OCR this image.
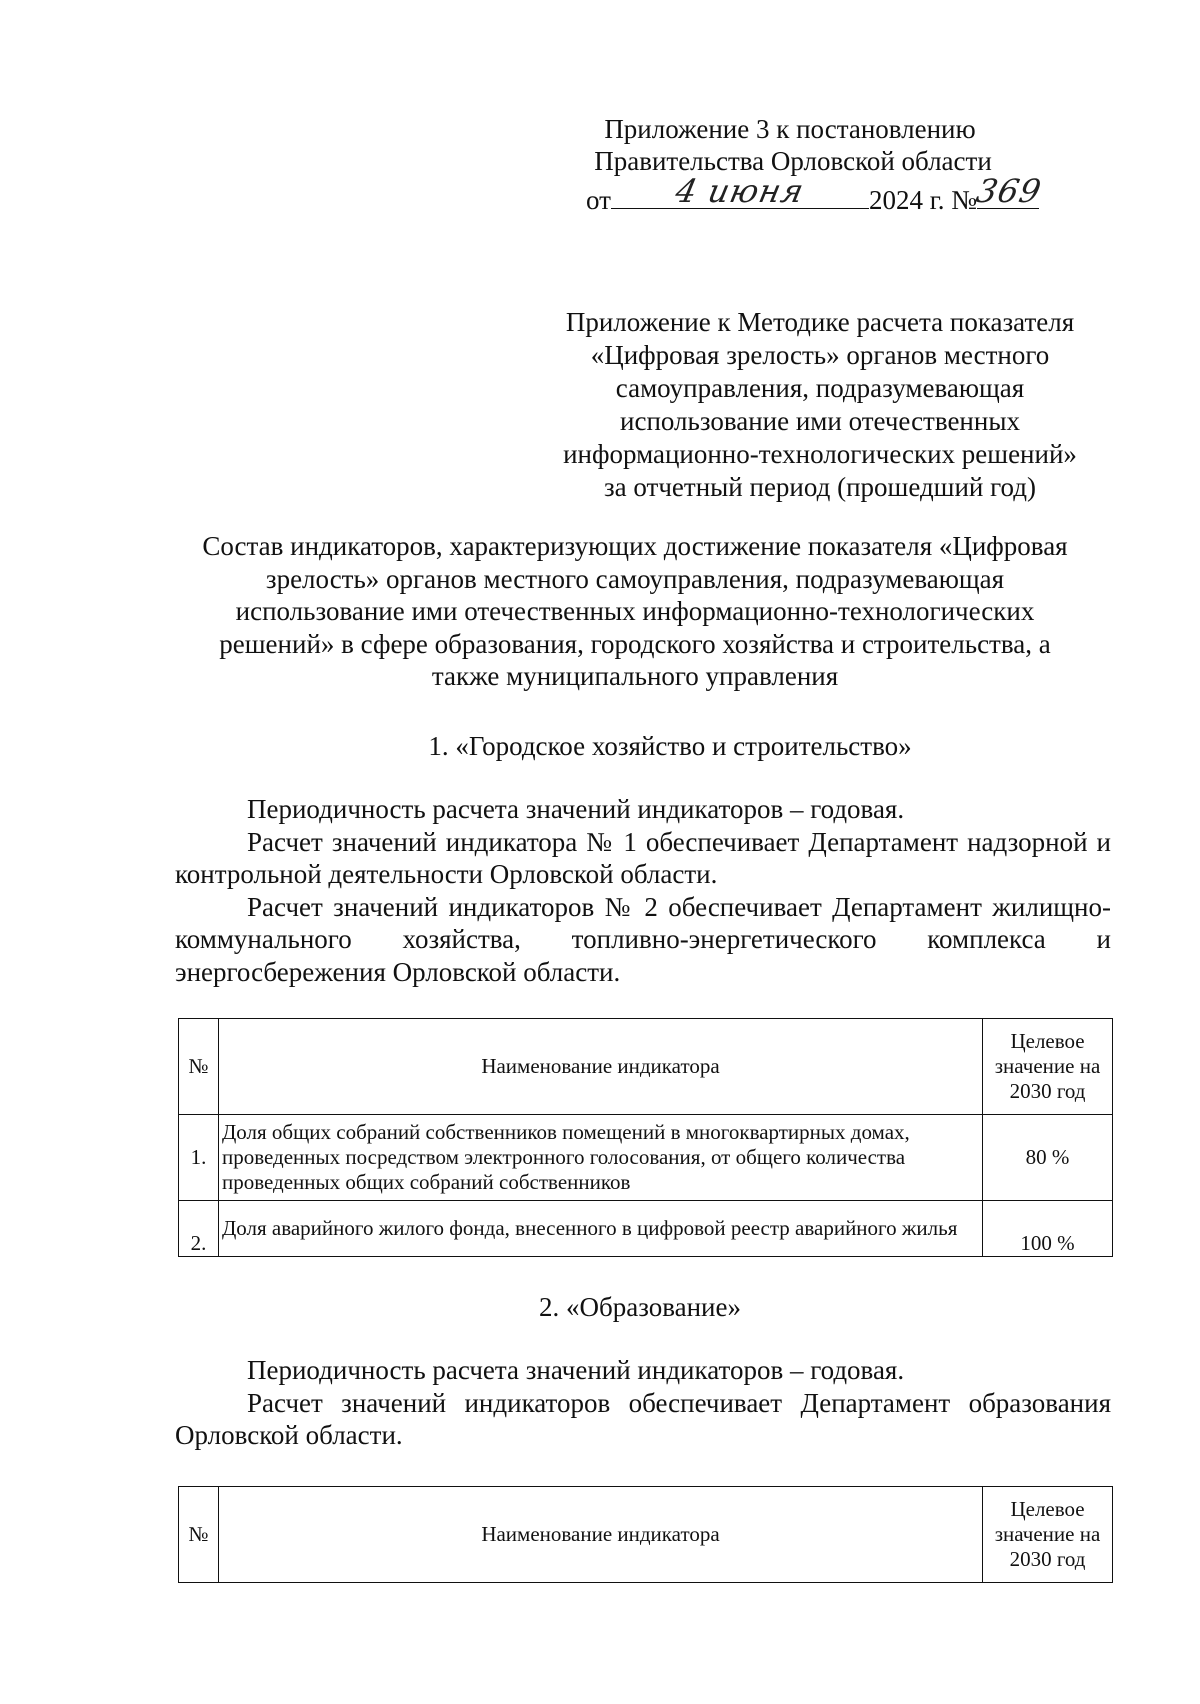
Приложение 3 к постановлению
Правительства Орловской области
от	4 июня	2024 г. №
369
Приложение к Методике расчета показателя
«Цифровая зрелость» органов местного
самоуправления, подразумевающая
использование ими отечественных
информационно-технологических решений»
за отчетный период (прошедший год)
Состав индикаторов, характеризующих достижение показателя «Цифровая
зрелость» органов местного самоуправления, подразумевающая
использование ими отечественных информационно-технологических
решений» в сфере образования, городского хозяйства и строительства, а
также муниципального управления
1. «Городское хозяйство и строительство»
Периодичность расчета значений индикаторов – годовая.
Расчет значений индикатора № 1 обеспечивает Департамент надзорной и контрольной деятельности Орловской области.
Расчет значений индикаторов № 2 обеспечивает Департамент жилищно-коммунального хозяйства, топливно-энергетического комплекса и энергосбережения Орловской области.
№	Наименование индикатора	Целевое значение на 2030 год
1.	Доля общих собраний собственников помещений в многоквартирных домах, проведенных посредством электронного голосования, от общего количества проведенных общих собраний собственников	80 %
2.	Доля аварийного жилого фонда, внесенного в цифровой реестр аварийного жилья	100 %
2. «Образование»
Периодичность расчета значений индикаторов – годовая.
Расчет значений индикаторов обеспечивает Департамент образования Орловской области.
№	Наименование индикатора	Целевое значение на 2030 год
